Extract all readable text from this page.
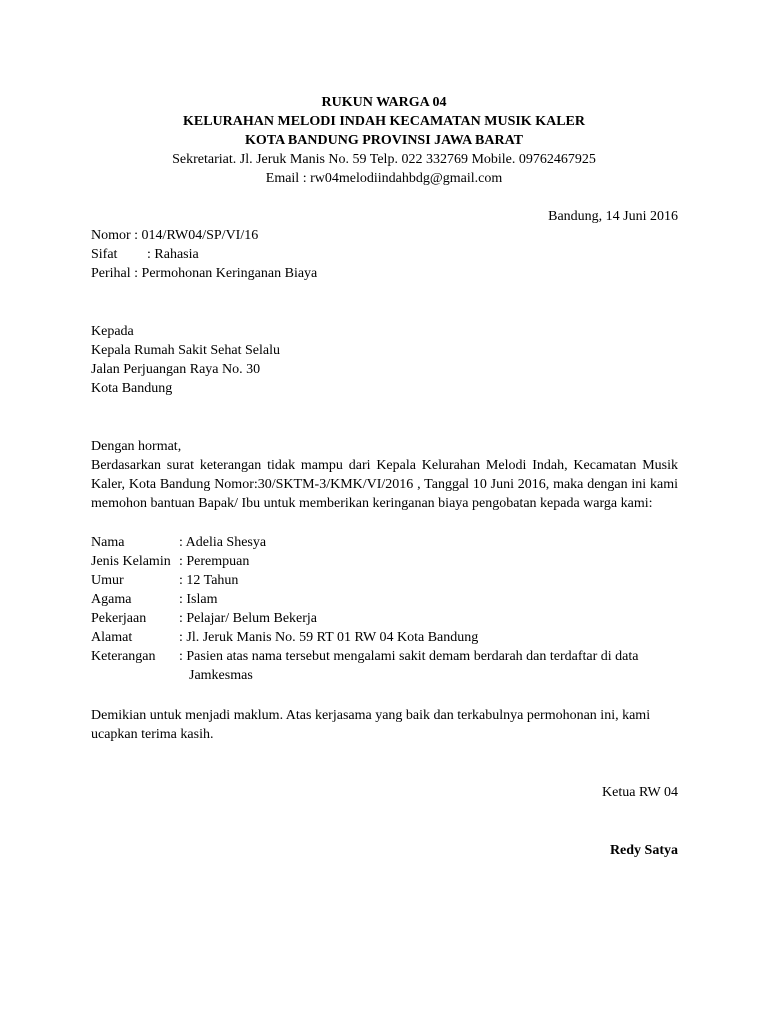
RUKUN WARGA 04
KELURAHAN MELODI INDAH KECAMATAN MUSIK KALER
KOTA BANDUNG PROVINSI JAWA BARAT
Sekretariat. Jl. Jeruk Manis No. 59 Telp. 022 332769 Mobile. 09762467925
Email : rw04melodiindahbdg@gmail.com
Bandung, 14 Juni 2016
Nomor : 014/RW04/SP/VI/16
Sifat	: Rahasia
Perihal : Permohonan Keringanan Biaya
Kepada
Kepala Rumah Sakit Sehat Selalu
Jalan Perjuangan Raya No. 30
Kota Bandung
Dengan hormat,
Berdasarkan surat keterangan tidak mampu dari Kepala Kelurahan Melodi Indah, Kecamatan Musik Kaler, Kota Bandung Nomor:30/SKTM-3/KMK/VI/2016 , Tanggal 10 Juni 2016, maka dengan ini kami memohon bantuan Bapak/ Ibu untuk memberikan keringanan biaya pengobatan kepada warga kami:
Nama	: Adelia Shesya
Jenis Kelamin : Perempuan
Umur	: 12 Tahun
Agama	: Islam
Pekerjaan	: Pelajar/ Belum Bekerja
Alamat	: Jl. Jeruk Manis No. 59 RT 01 RW 04 Kota Bandung
Keterangan	: Pasien atas nama tersebut mengalami sakit demam berdarah dan terdaftar di data Jamkesmas
Demikian untuk menjadi maklum. Atas kerjasama yang baik dan terkabulnya permohonan ini, kami ucapkan terima kasih.
Ketua RW 04
Redy Satya
